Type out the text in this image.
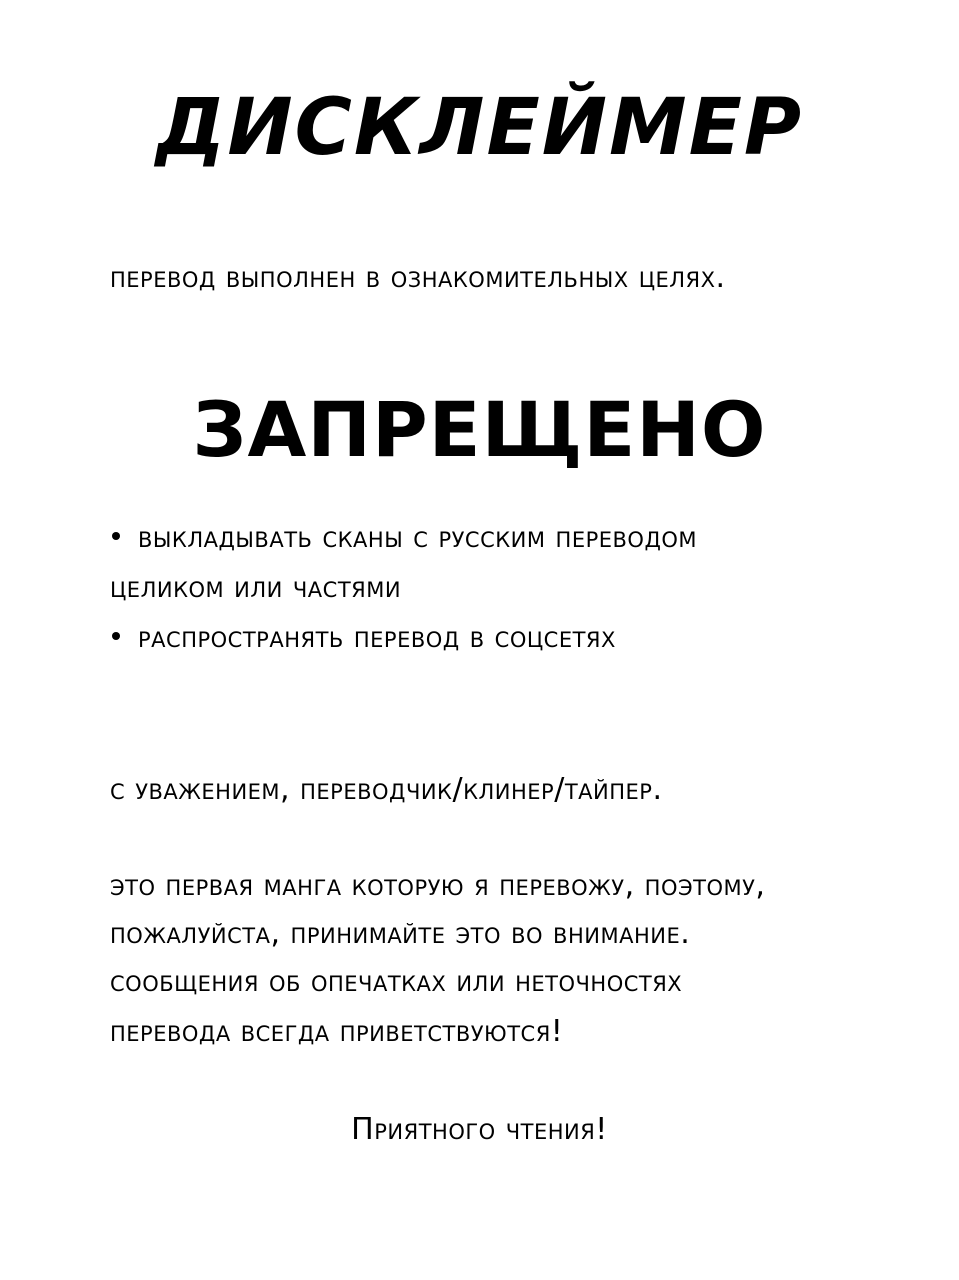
ДИСКЛЕЙМЕР
перевод выполнен в ознакомительных целях.
ЗАПРЕЩЕНО
выкладывать сканы с русским переводом
целиком или частями
распространять перевод в соцсетях
с уважением, переводчик/клинер/тайпер.
это первая манга которую я перевожу, поэтому,
пожалуйста, принимайте это во внимание.
сообщения об опечатках или неточностях
перевода всегда приветствуются!
Приятного чтения!
